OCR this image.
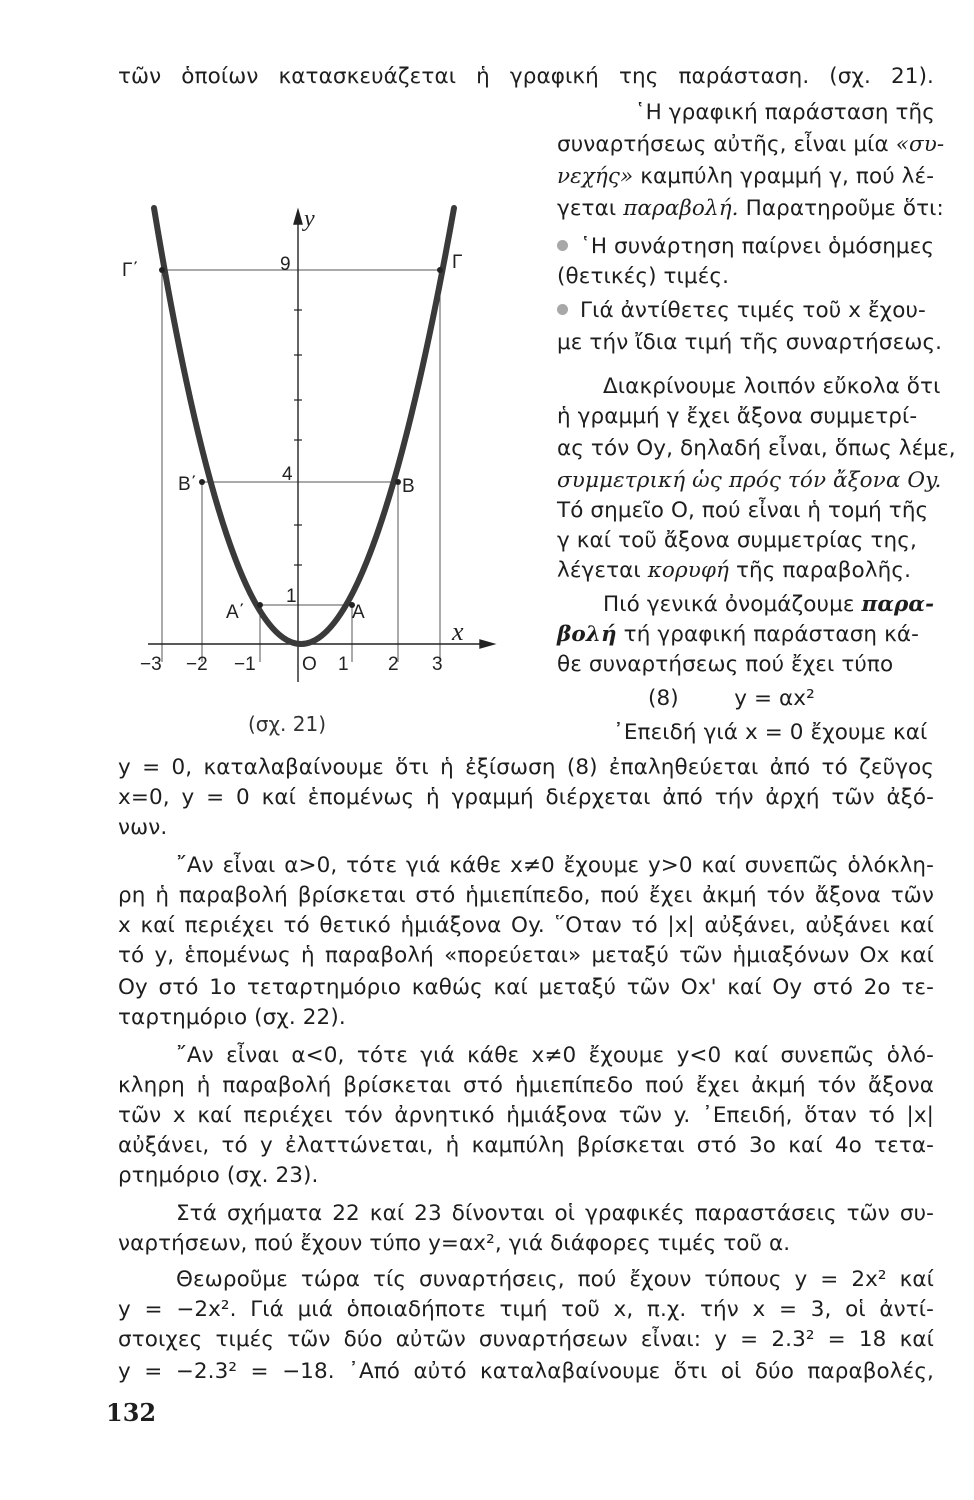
τῶν ὁποίων κατασκευάζεται ἡ γραφική της παράσταση. (σχ. 21).
῾Η γραφική παράσταση τῆς
συναρτήσεως αὐτῆς, εἶναι μία «συ-
νεχής» καμπύλη γραμμή γ, πού λέ-
γεται παραβολή. Παρατηροῦμε ὅτι:
῾Η συνάρτηση παίρνει ὁμόσημες
(θετικές) τιμές.
Γιά ἀντίθετες τιμές τοῦ x ἔχου-
με τήν ἴδια τιμή τῆς συναρτήσεως.
Διακρίνουμε λοιπόν εὔκολα ὅτι
ἡ γραμμή γ ἔχει ἄξονα συμμετρί-
ας τόν Oy, δηλαδή εἶναι, ὅπως λέμε,
συμμετρική ὡς πρός τόν ἄξονα Oy.
Τό σημεῖο O, πού εἶναι ἡ τομή τῆς
γ καί τοῦ ἄξονα συμμετρίας της,
λέγεται κορυφή τῆς παραβολῆς.
Πιό γενικά ὀνομάζουμε παρα-
βολή τή γραφική παράσταση κά-
θε συναρτήσεως πού ἔχει τύπο
(8)        y = αx²
᾿Επειδή γιά x = 0 ἔχουμε καί
(σχ. 21)
y = 0, καταλαβαίνουμε ὅτι ἡ ἐξίσωση (8) ἐπαληθεύεται ἀπό τό ζεῦγος
x=0, y = 0 καί ἑπομένως ἡ γραμμή διέρχεται ἀπό τήν ἀρχή τῶν ἀξό-
νων.
῎Αν εἶναι α>0, τότε γιά κάθε x≠0 ἔχουμε y>0 καί συνεπῶς ὁλόκλη-
ρη ἡ παραβολή βρίσκεται στό ἡμιεπίπεδο, πού ἔχει ἀκμή τόν ἄξονα τῶν
x καί περιέχει τό θετικό ἡμιάξονα Oy. ῞Οταν τό |x| αὐξάνει, αὐξάνει καί
τό y, ἑπομένως ἡ παραβολή «πορεύεται» μεταξύ τῶν ἡμιαξόνων Ox καί
Oy στό 1ο τεταρτημόριο καθώς καί μεταξύ τῶν Ox' καί Oy στό 2ο τε-
ταρτημόριο (σχ. 22).
῎Αν εἶναι α<0, τότε γιά κάθε x≠0 ἔχουμε y<0 καί συνεπῶς ὁλό-
κληρη ἡ παραβολή βρίσκεται στό ἡμιεπίπεδο πού ἔχει ἀκμή τόν ἄξονα
τῶν x καί περιέχει τόν ἀρνητικό ἡμιάξονα τῶν y. ᾿Επειδή, ὅταν τό |x|
αὐξάνει, τό y ἐλαττώνεται, ἡ καμπύλη βρίσκεται στό 3ο καί 4ο τετα-
ρτημόριο (σχ. 23).
Στά σχήματα 22 καί 23 δίνονται οἱ γραφικές παραστάσεις τῶν συ-
ναρτήσεων, πού ἔχουν τύπο y=αx², γιά διάφορες τιμές τοῦ α.
Θεωροῦμε τώρα τίς συναρτήσεις, πού ἔχουν τύπους y = 2x² καί
y = −2x². Γιά μιά ὁποιαδήποτε τιμή τοῦ x, π.χ. τήν x = 3, οἱ ἀντί-
στοιχες τιμές τῶν δύο αὐτῶν συναρτήσεων εἶναι: y = 2.3² = 18 καί
y = −2.3² = −18. ᾿Από αὐτό καταλαβαίνουμε ὅτι οἱ δύο παραβολές,
132
y
x
O
9
4
1
−3 −2 −1	1 2 3
Γ΄	Γ
B΄	B
A΄	A
